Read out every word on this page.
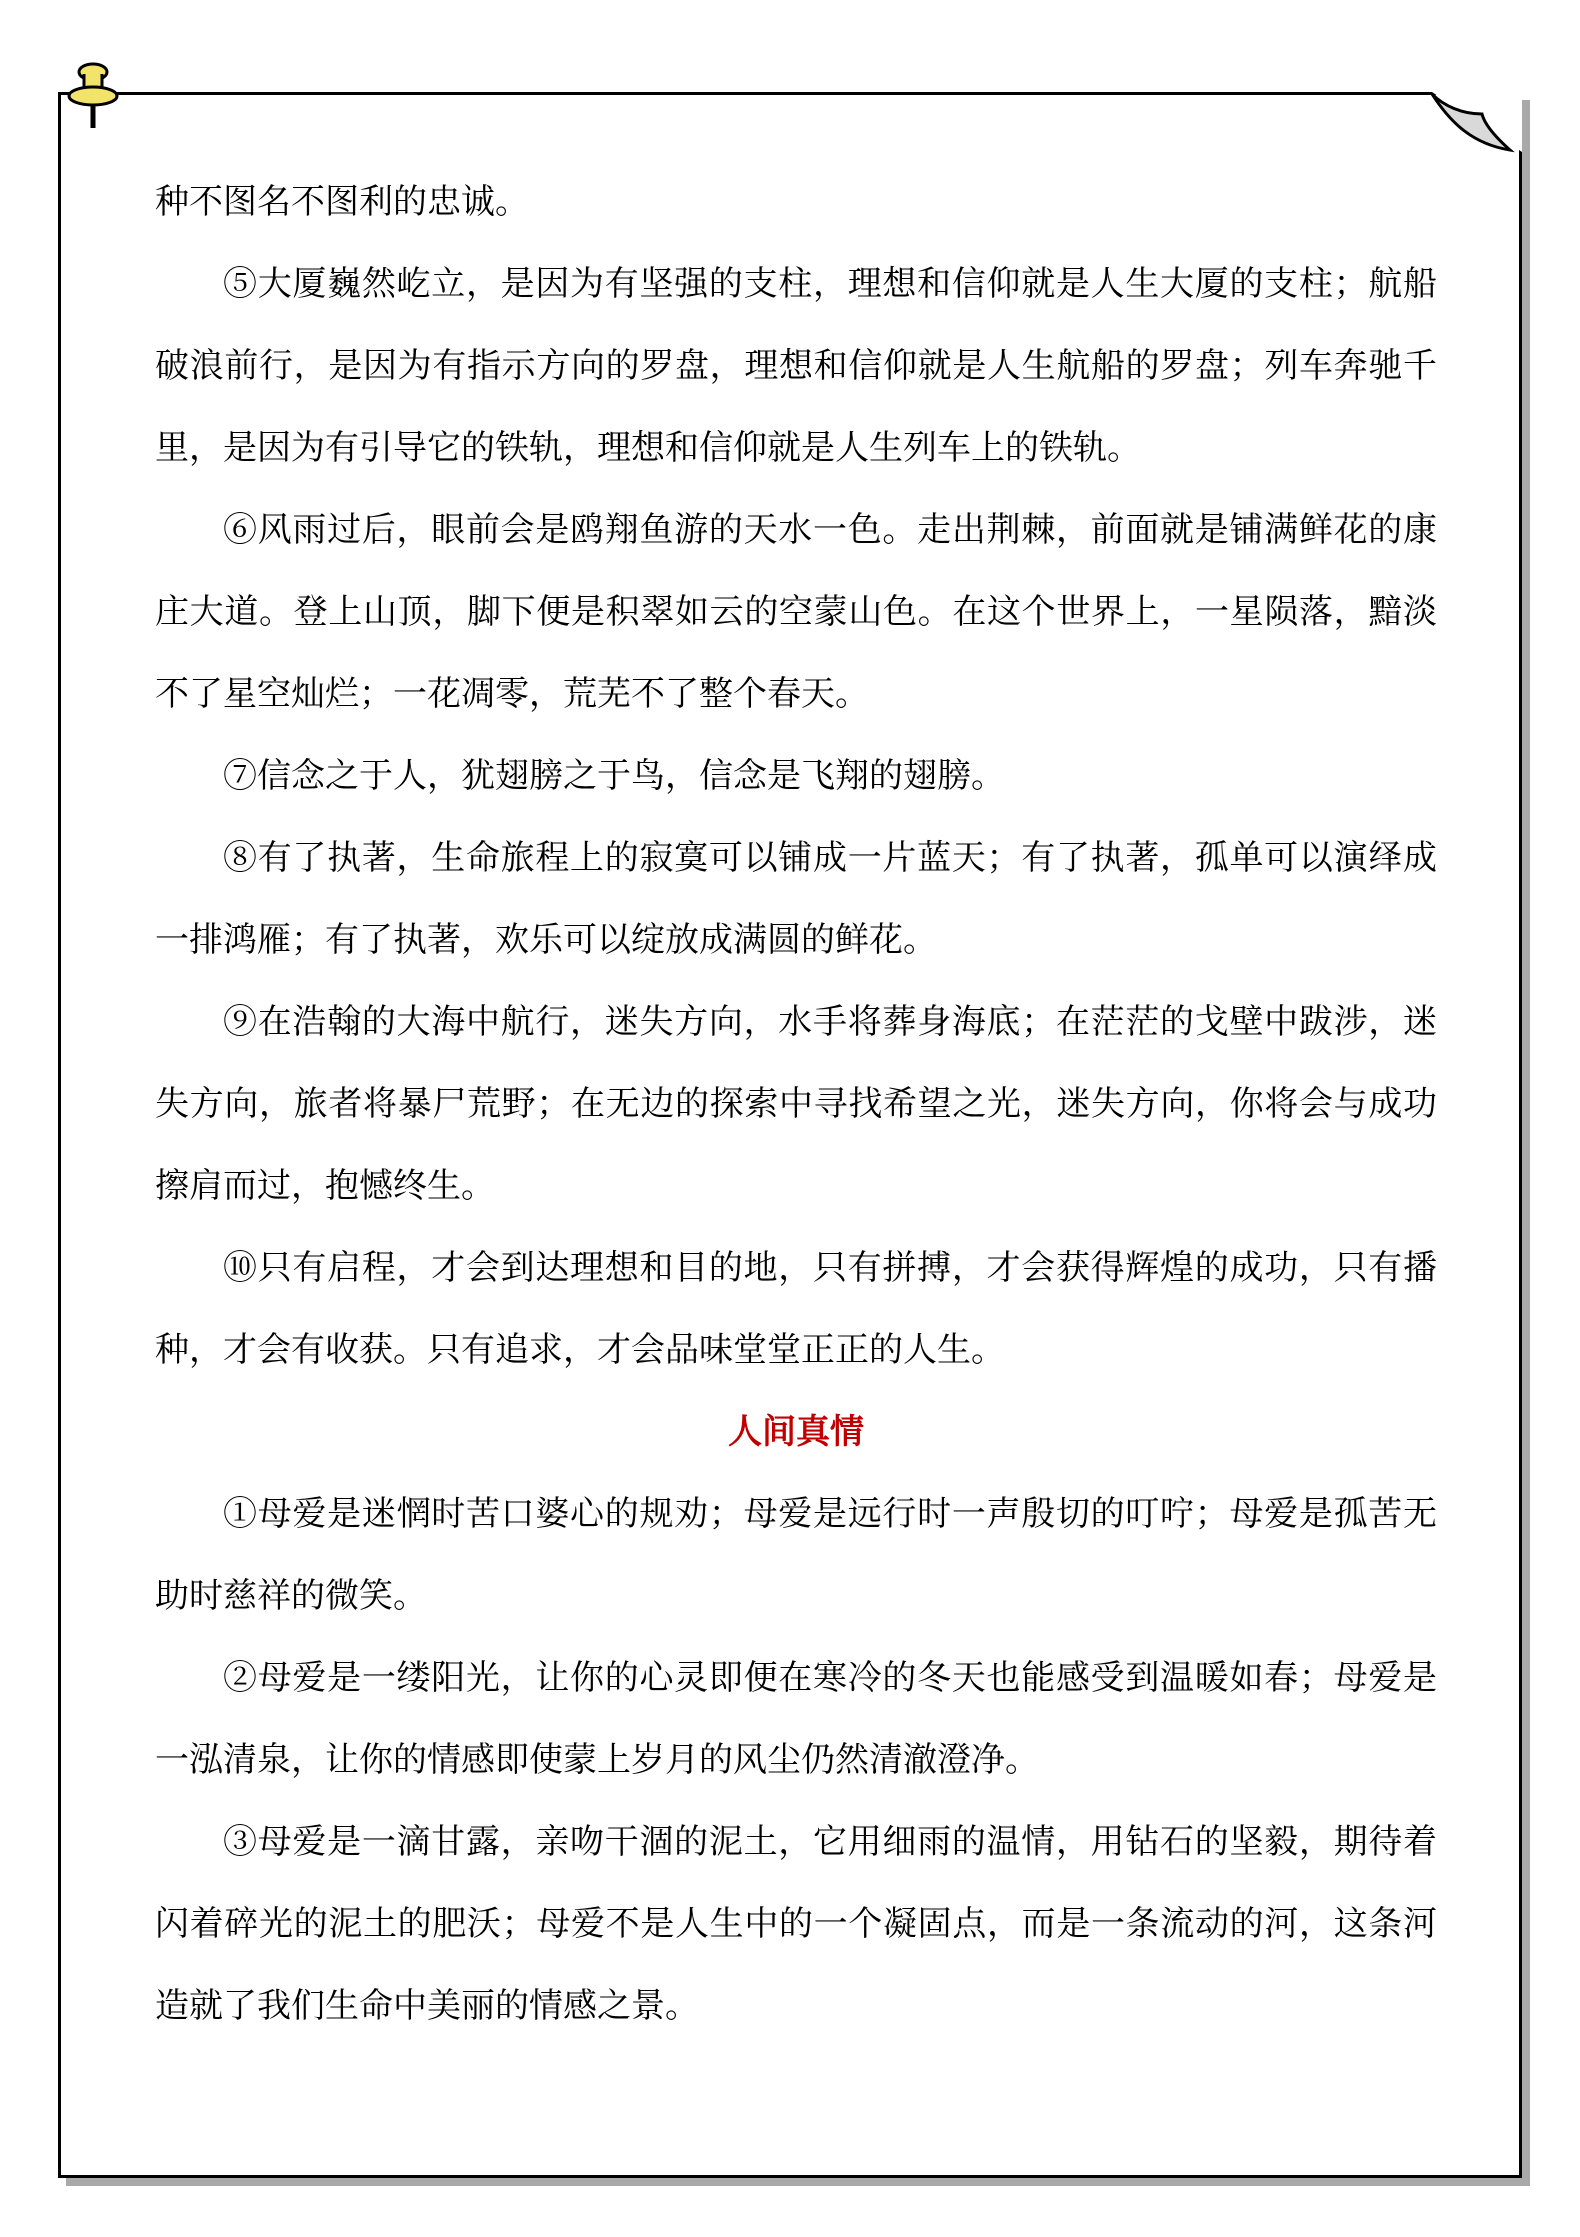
种不图名不图利的忠诚。

⑤大厦巍然屹立，是因为有坚强的支柱，理想和信仰就是人生大厦的支柱；航船破浪前行，是因为有指示方向的罗盘，理想和信仰就是人生航船的罗盘；列车奔驰千里，是因为有引导它的铁轨，理想和信仰就是人生列车上的铁轨。

⑥风雨过后，眼前会是鸥翔鱼游的天水一色。走出荆棘，前面就是铺满鲜花的康庄大道。登上山顶，脚下便是积翠如云的空蒙山色。在这个世界上，一星陨落，黯淡不了星空灿烂；一花凋零，荒芜不了整个春天。

⑦信念之于人，犹翅膀之于鸟，信念是飞翔的翅膀。

⑧有了执著，生命旅程上的寂寞可以铺成一片蓝天；有了执著，孤单可以演绎成一排鸿雁；有了执著，欢乐可以绽放成满圆的鲜花。

⑨在浩翰的大海中航行，迷失方向，水手将葬身海底；在茫茫的戈壁中跋涉，迷失方向，旅者将暴尸荒野；在无边的探索中寻找希望之光，迷失方向，你将会与成功擦肩而过，抱憾终生。

⑩只有启程，才会到达理想和目的地，只有拼搏，才会获得辉煌的成功，只有播种，才会有收获。只有追求，才会品味堂堂正正的人生。

人间真情

①母爱是迷惘时苦口婆心的规劝；母爱是远行时一声殷切的叮咛；母爱是孤苦无助时慈祥的微笑。

②母爱是一缕阳光，让你的心灵即便在寒冷的冬天也能感受到温暖如春；母爱是一泓清泉，让你的情感即使蒙上岁月的风尘仍然清澈澄净。

③母爱是一滴甘露，亲吻干涸的泥土，它用细雨的温情，用钻石的坚毅，期待着闪着碎光的泥土的肥沃；母爱不是人生中的一个凝固点，而是一条流动的河，这条河造就了我们生命中美丽的情感之景。
